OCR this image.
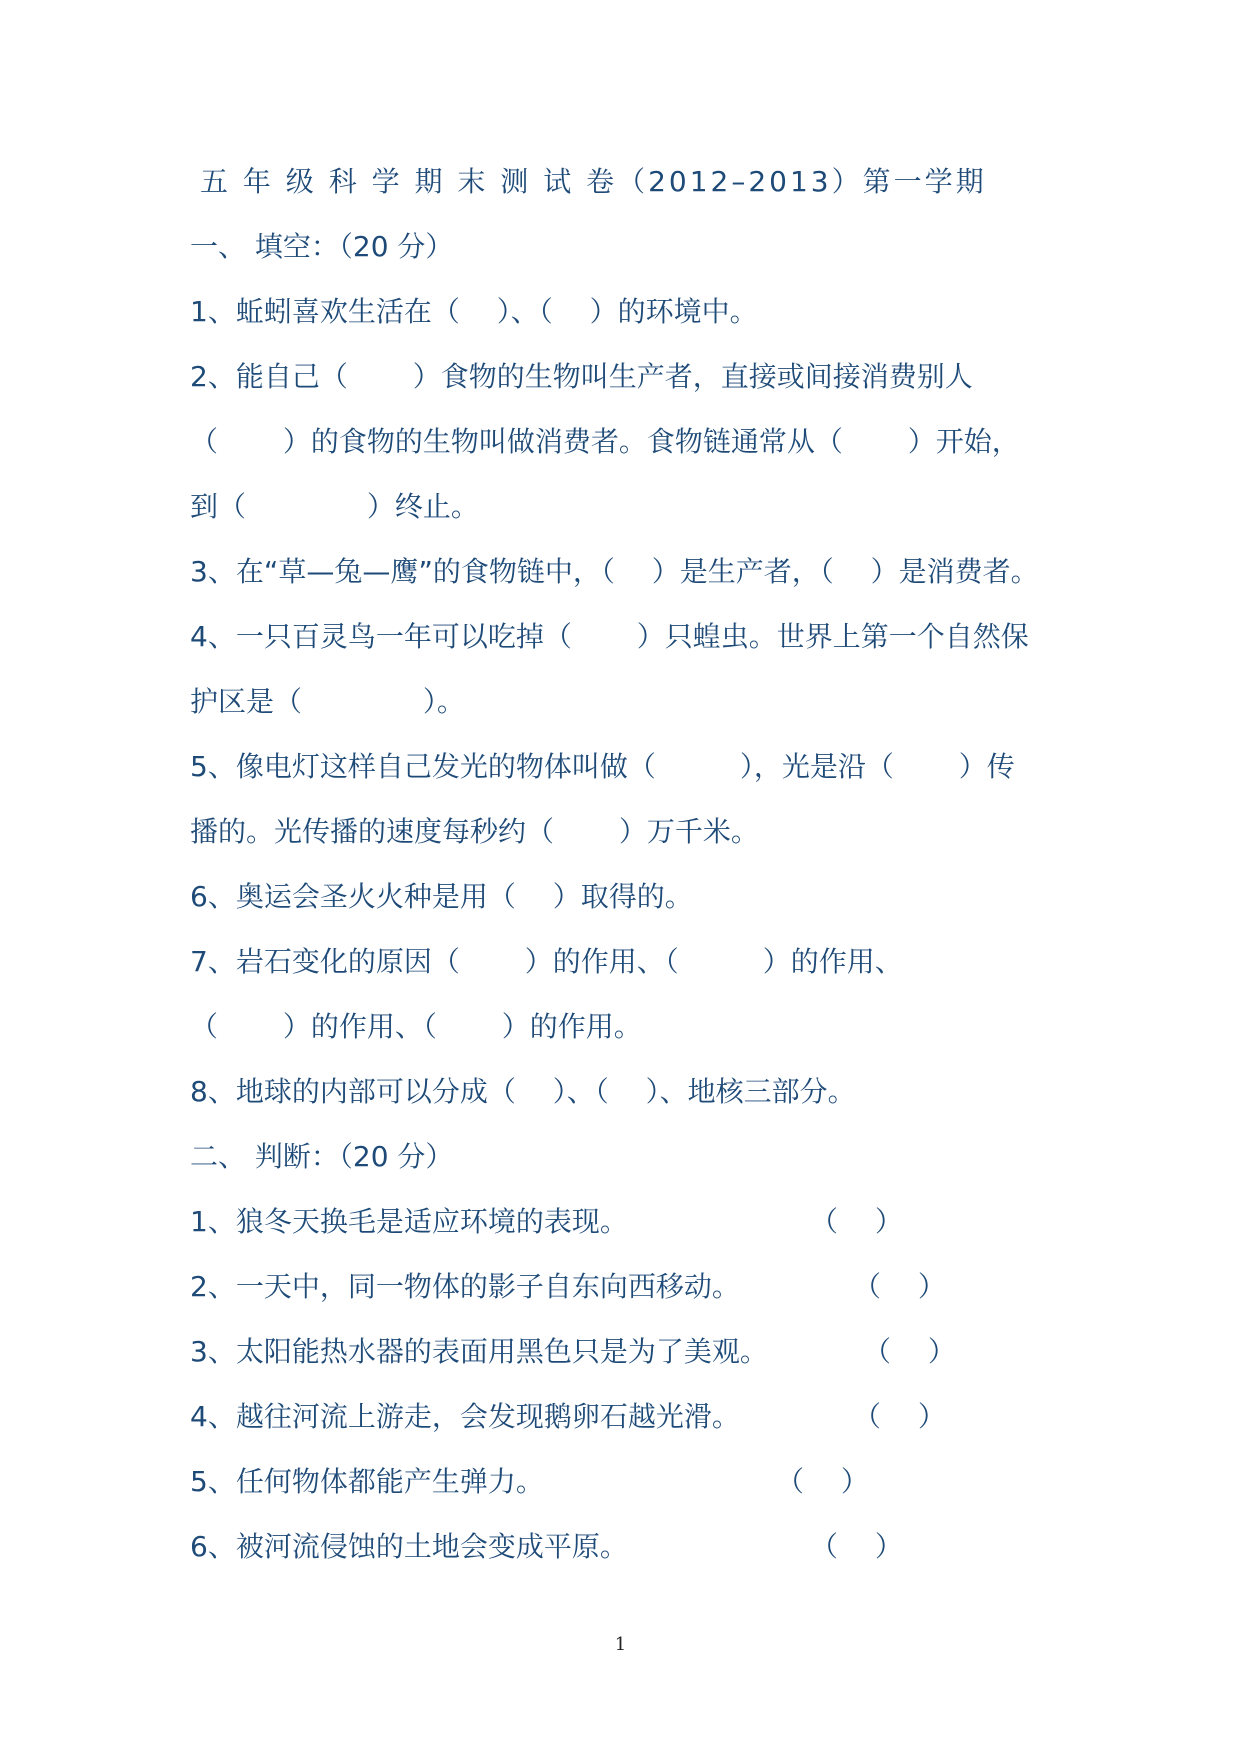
五 年 级 科 学 期 末 测 试 卷（2012–2013）第一学期
一、 填空：（20 分）
1、蚯蚓喜欢生活在（　 ）、（　 ）的环境中。
2、能自己（　　 ）食物的生物叫生产者，直接或间接消费别人
（　　 ）的食物的生物叫做消费者。食物链通常从（　　 ）开始，
到（　　　　 ）终止。
3、在“草—兔—鹰”的食物链中，（　 ）是生产者，（　 ）是消费者。
4、一只百灵鸟一年可以吃掉（　　 ）只蝗虫。世界上第一个自然保
护区是（　　　　 ）。
5、像电灯这样自己发光的物体叫做（　　　），光是沿（　　 ）传
播的。光传播的速度每秒约（　　 ）万千米。
6、奥运会圣火火种是用（　 ）取得的。
7、岩石变化的原因（　　 ）的作用、（　　　）的作用、
（　　 ）的作用、（　　 ）的作用。
8、地球的内部可以分成（　 ）、（　 ）、地核三部分。
二、 判断：（20 分）
1、狼冬天换毛是适应环境的表现。	（　 ）
2、一天中，同一物体的影子自东向西移动。	（　 ）
3、太阳能热水器的表面用黑色只是为了美观。	（　 ）
4、越往河流上游走，会发现鹅卵石越光滑。	（　 ）
5、任何物体都能产生弹力。	（　 ）
6、被河流侵蚀的土地会变成平原。	（　 ）
1
